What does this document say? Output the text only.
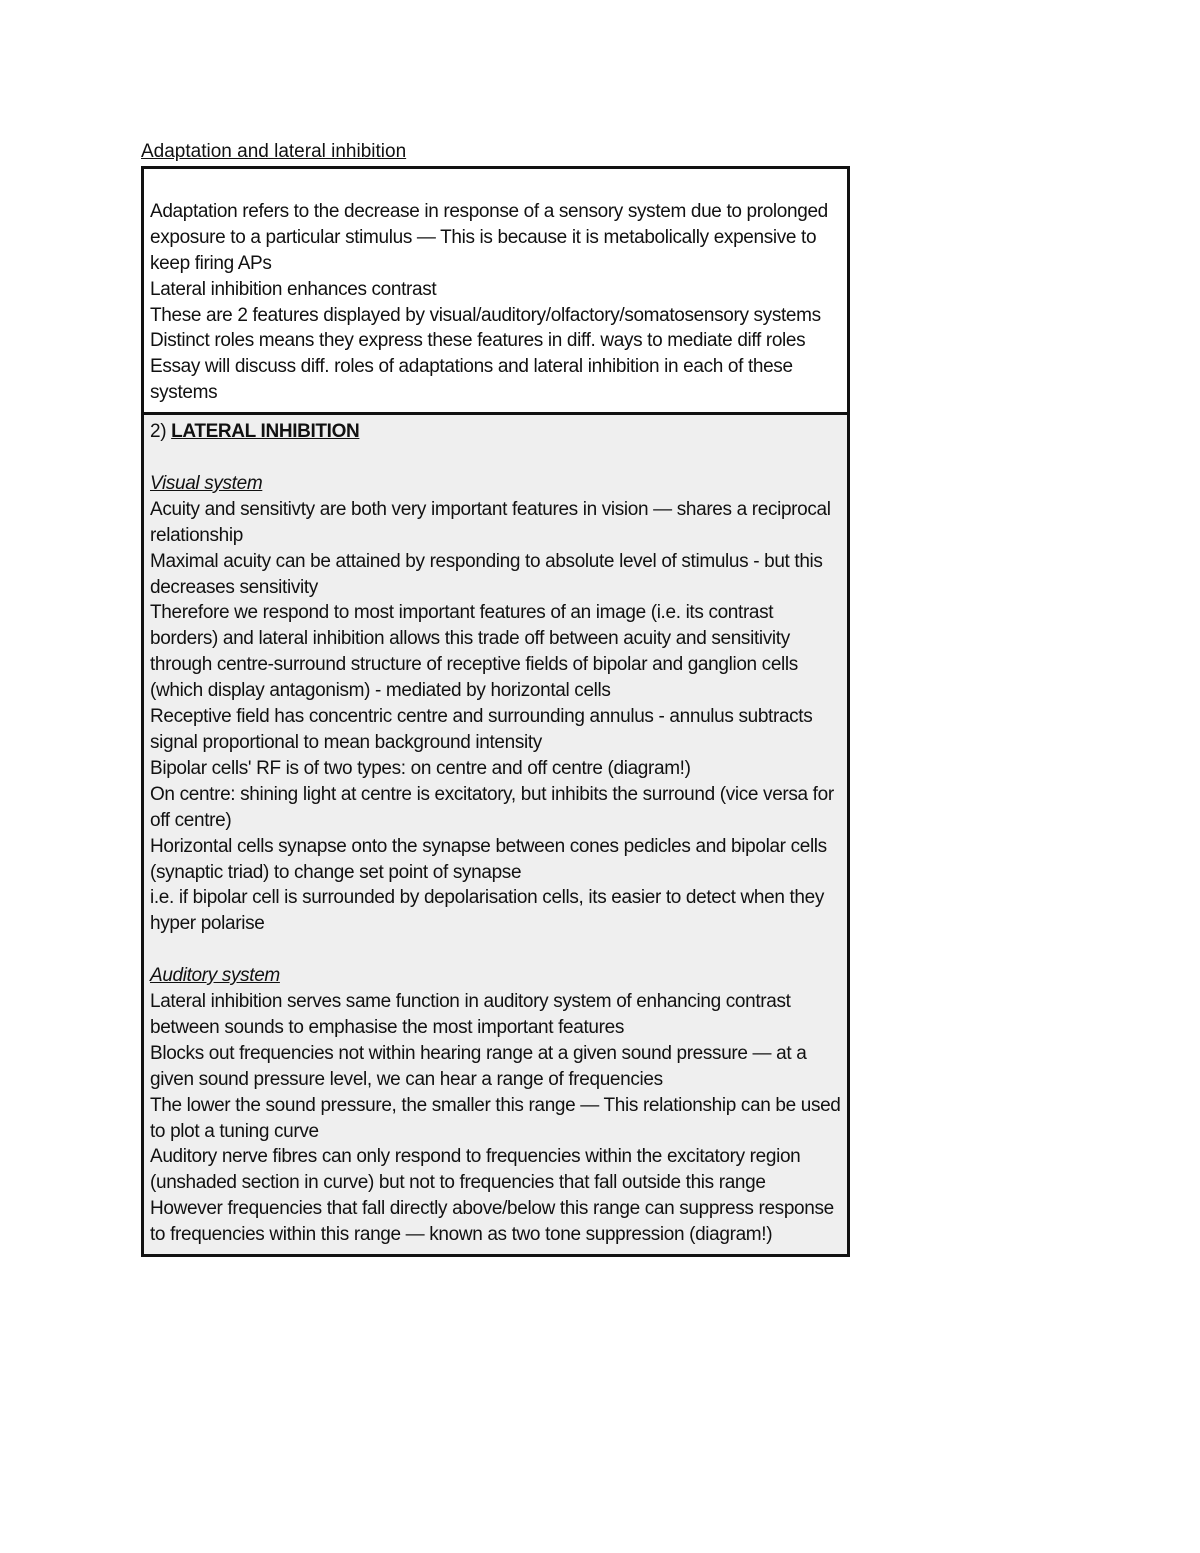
Adaptation and lateral inhibition
Adaptation refers to the decrease in response of a sensory system due to prolonged exposure to a particular stimulus — This is because it is metabolically expensive to keep firing APs
Lateral inhibition enhances contrast
These are 2 features displayed by visual/auditory/olfactory/somatosensory systems
Distinct roles means they express these features in diff. ways to mediate diff roles
Essay will discuss diff. roles of adaptations and lateral inhibition in each of these systems
2) LATERAL INHIBITION
Visual system
Acuity and sensitivty are both very important features in vision — shares a reciprocal relationship
Maximal acuity can be attained by responding to absolute level of stimulus - but this decreases sensitivity
Therefore we respond to most important features of an image (i.e. its contrast borders) and lateral inhibition allows this trade off between acuity and sensitivity through centre-surround structure of receptive fields of bipolar and ganglion cells (which display antagonism) - mediated by horizontal cells
Receptive field has concentric centre and surrounding annulus - annulus subtracts signal proportional to mean background intensity
Bipolar cells' RF is of two types: on centre and off centre (diagram!)
On centre: shining light at centre is excitatory, but inhibits the surround (vice versa for off centre)
Horizontal cells synapse onto the synapse between cones pedicles and bipolar cells (synaptic triad) to change set point of synapse
i.e. if bipolar cell is surrounded by depolarisation cells, its easier to detect when they hyper polarise
Auditory system
Lateral inhibition serves same function in auditory system of enhancing contrast between sounds to emphasise the most important features
Blocks out frequencies not within hearing range at a given sound pressure — at a given sound pressure level, we can hear a range of frequencies
The lower the sound pressure, the smaller this range — This relationship can be used to plot a tuning curve
Auditory nerve fibres can only respond to frequencies within the excitatory region (unshaded section in curve) but not to frequencies that fall outside this range
However frequencies that fall directly above/below this range can suppress response to frequencies within this range — known as two tone suppression (diagram!)
